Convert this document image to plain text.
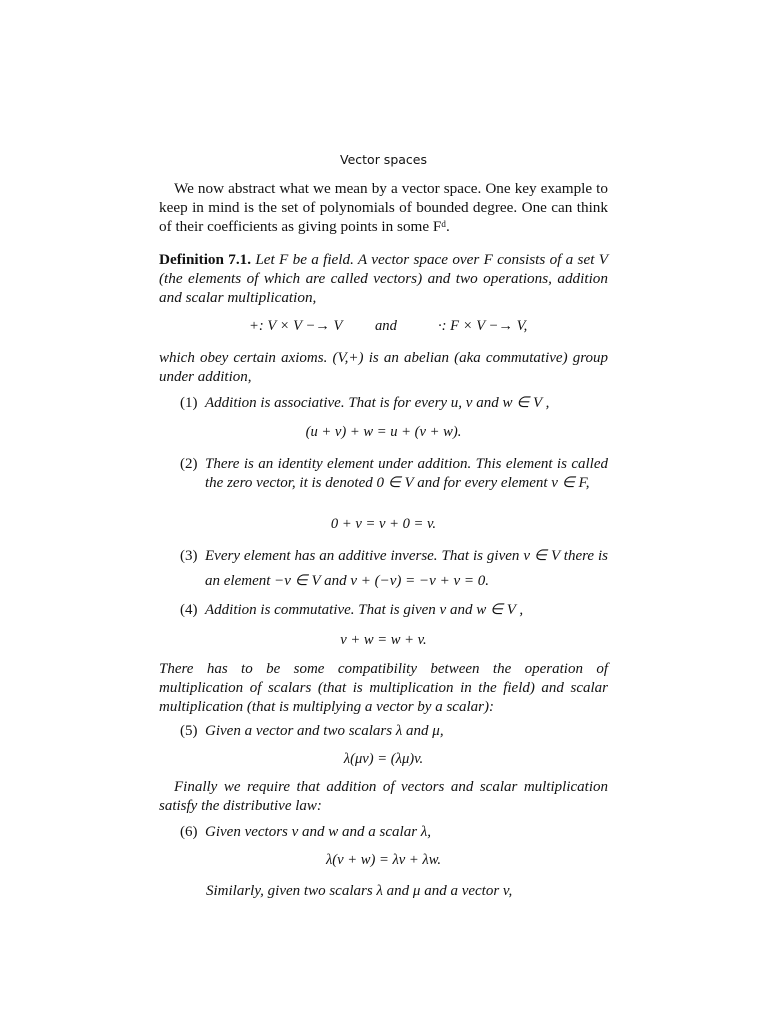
Vector spaces

We now abstract what we mean by a vector space. One key example to keep in mind is the set of polynomials of bounded degree. One can think of their coefficients as giving points in some Fᵈ.

Definition 7.1. Let F be a field. A vector space over F consists of a set V (the elements of which are called vectors) and two operations, addition and scalar multiplication,

+: V × V −→ V and	·: F × V −→ V,
which obey certain axioms. (V,+) is an abelian (aka commutative) group under addition,
(1) Addition is associative. That is for every u, v and w ∈ V ,
(u + v) + w = u + (v + w).
(2) There is an identity element under addition. This element is called the zero vector, it is denoted 0 ∈ V and for every element v ∈ F,
0 + v = v + 0 = v.
(3) Every element has an additive inverse. That is given v ∈ V there is an element −v ∈ V and v + (−v) = −v + v = 0.
(4) Addition is commutative. That is given v and w ∈ V ,
v + w = w + v.
There has to be some compatibility between the operation of multiplication of scalars (that is multiplication in the field) and scalar multiplication (that is multiplying a vector by a scalar):
(5) Given a vector and two scalars λ and μ,
λ(μv) = (λμ)v.
Finally we require that addition of vectors and scalar multiplication satisfy the distributive law:
(6) Given vectors v and w and a scalar λ,
λ(v + w) = λv + λw.
Similarly, given two scalars λ and μ and a vector v,
